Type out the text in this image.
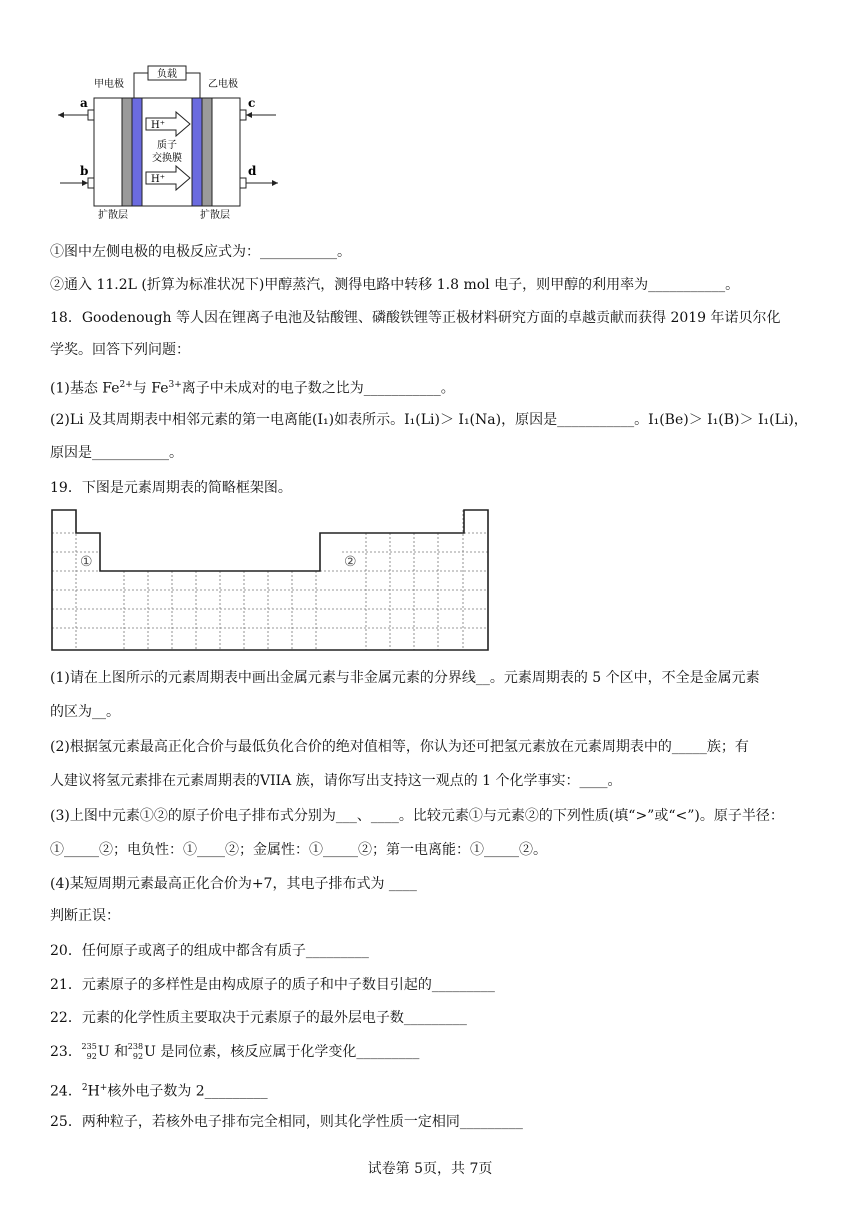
负载
甲电极	乙电极
H⁺
质子
交换膜
H⁺
a
b
c
d
扩散层	扩散层
①图中左侧电极的电极反应式为：___________。
②通入 11.2L (折算为标准状况下)甲醇蒸汽，测得电路中转移 1.8 mol 电子，则甲醇的利用率为___________。
18．Goodenough 等人因在锂离子电池及钴酸锂、磷酸铁锂等正极材料研究方面的卓越贡献而获得 2019 年诺贝尔化
学奖。回答下列问题：
(1)基态 $Fe^{2+}$与 $Fe^{3+}$离子中未成对的电子数之比为___________。
(2)Li 及其周期表中相邻元素的第一电离能(I₁)如表所示。I₁(Li)＞ I₁(Na)，原因是___________。I₁(Be)＞ I₁(B)＞ I₁(Li)，
原因是___________。
19．下图是元素周期表的简略框架图。
①	②
(1)请在上图所示的元素周期表中画出金属元素与非金属元素的分界线__。元素周期表的 5 个区中，不全是金属元素
的区为__。
(2)根据氢元素最高正化合价与最低负化合价的绝对值相等，你认为还可把氢元素放在元素周期表中的_____族；有
人建议将氢元素排在元素周期表的VIIA 族，请你写出支持这一观点的 1 个化学事实：____。
(3)上图中元素①②的原子价电子排布式分别为___、____。比较元素①与元素②的下列性质(填“>”或“<”)。原子半径：
①_____②；电负性：①____②；金属性：①_____②；第一电离能：①_____②。
(4)某短周期元素最高正化合价为+7，其电子排布式为 ____
判断正误：
20．任何原子或离子的组成中都含有质子_________
21．元素原子的多样性是由构成原子的质子和中子数目引起的_________
22．元素的化学性质主要取决于元素原子的最外层电子数_________
23． 235
92 U 和 238
92 U 是同位素，核反应属于化学变化_________
24．$^2$H+核外电子数为 2_________
25．两种粒子，若核外电子排布完全相同，则其化学性质一定相同_________
试卷第 5页，共 7页
